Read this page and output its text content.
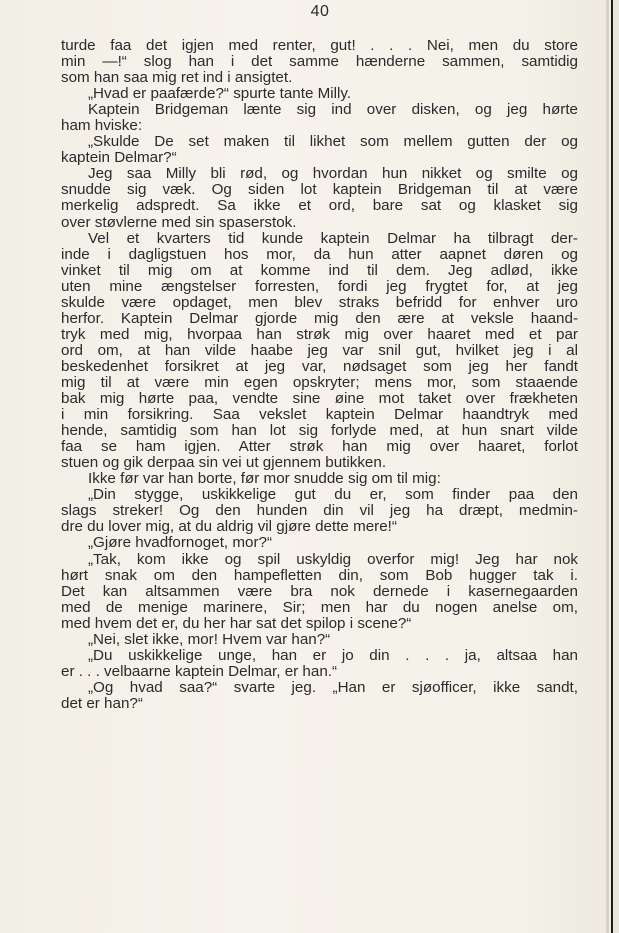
40
turde faa det igjen med renter, gut! . . . Nei, men du store
min —!“ slog han i det samme hænderne sammen, samtidig
som han saa mig ret ind i ansigtet.
„Hvad er paafærde?“ spurte tante Milly.
Kaptein Bridgeman lænte sig ind over disken, og jeg hørte
ham hviske:
„Skulde De set maken til likhet som mellem gutten der og
kaptein Delmar?“
Jeg saa Milly bli rød, og hvordan hun nikket og smilte og
snudde sig væk. Og siden lot kaptein Bridgeman til at være
merkelig adspredt. Sa ikke et ord, bare sat og klasket sig
over støvlerne med sin spaserstok.
Vel et kvarters tid kunde kaptein Delmar ha tilbragt der-
inde i dagligstuen hos mor, da hun atter aapnet døren og
vinket til mig om at komme ind til dem. Jeg adlød, ikke
uten mine ængstelser forresten, fordi jeg frygtet for, at jeg
skulde være opdaget, men blev straks befridd for enhver uro
herfor. Kaptein Delmar gjorde mig den ære at veksle haand-
tryk med mig, hvorpaa han strøk mig over haaret med et par
ord om, at han vilde haabe jeg var snil gut, hvilket jeg i al
beskedenhet forsikret at jeg var, nødsaget som jeg her fandt
mig til at være min egen opskryter; mens mor, som staaende
bak mig hørte paa, vendte sine øine mot taket over frækheten
i min forsikring. Saa vekslet kaptein Delmar haandtryk med
hende, samtidig som han lot sig forlyde med, at hun snart vilde
faa se ham igjen. Atter strøk han mig over haaret, forlot
stuen og gik derpaa sin vei ut gjennem butikken.
Ikke før var han borte, før mor snudde sig om til mig:
„Din stygge, uskikkelige gut du er, som finder paa den
slags streker! Og den hunden din vil jeg ha dræpt, medmin-
dre du lover mig, at du aldrig vil gjøre dette mere!“
„Gjøre hvadfornoget, mor?“
„Tak, kom ikke og spil uskyldig overfor mig! Jeg har nok
hørt snak om den hampefletten din, som Bob hugger tak i.
Det kan altsammen være bra nok dernede i kasernegaarden
med de menige marinere, Sir; men har du nogen anelse om,
med hvem det er, du her har sat det spilop i scene?“
„Nei, slet ikke, mor! Hvem var han?“
„Du uskikkelige unge, han er jo din . . . ja, altsaa han
er . . . velbaarne kaptein Delmar, er han.“
„Og hvad saa?“ svarte jeg. „Han er sjøofficer, ikke sandt,
det er han?“
